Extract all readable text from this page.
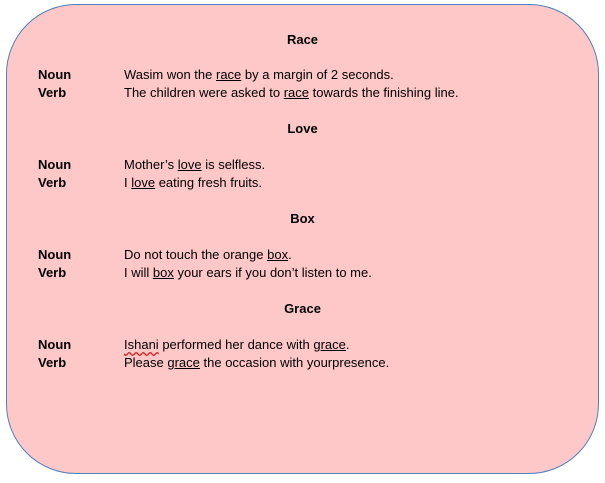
Race
Noun	Wasim won the race by a margin of 2 seconds.
Verb	The children were asked to race towards the finishing line.
Love
Noun	Mother’s love is selfless.
Verb	I love eating fresh fruits.
Box
Noun	Do not touch the orange box.
Verb	I will box your ears if you don’t listen to me.
Grace
Noun	Ishani performed her dance with grace.
Verb	Please grace the occasion with yourpresence.
